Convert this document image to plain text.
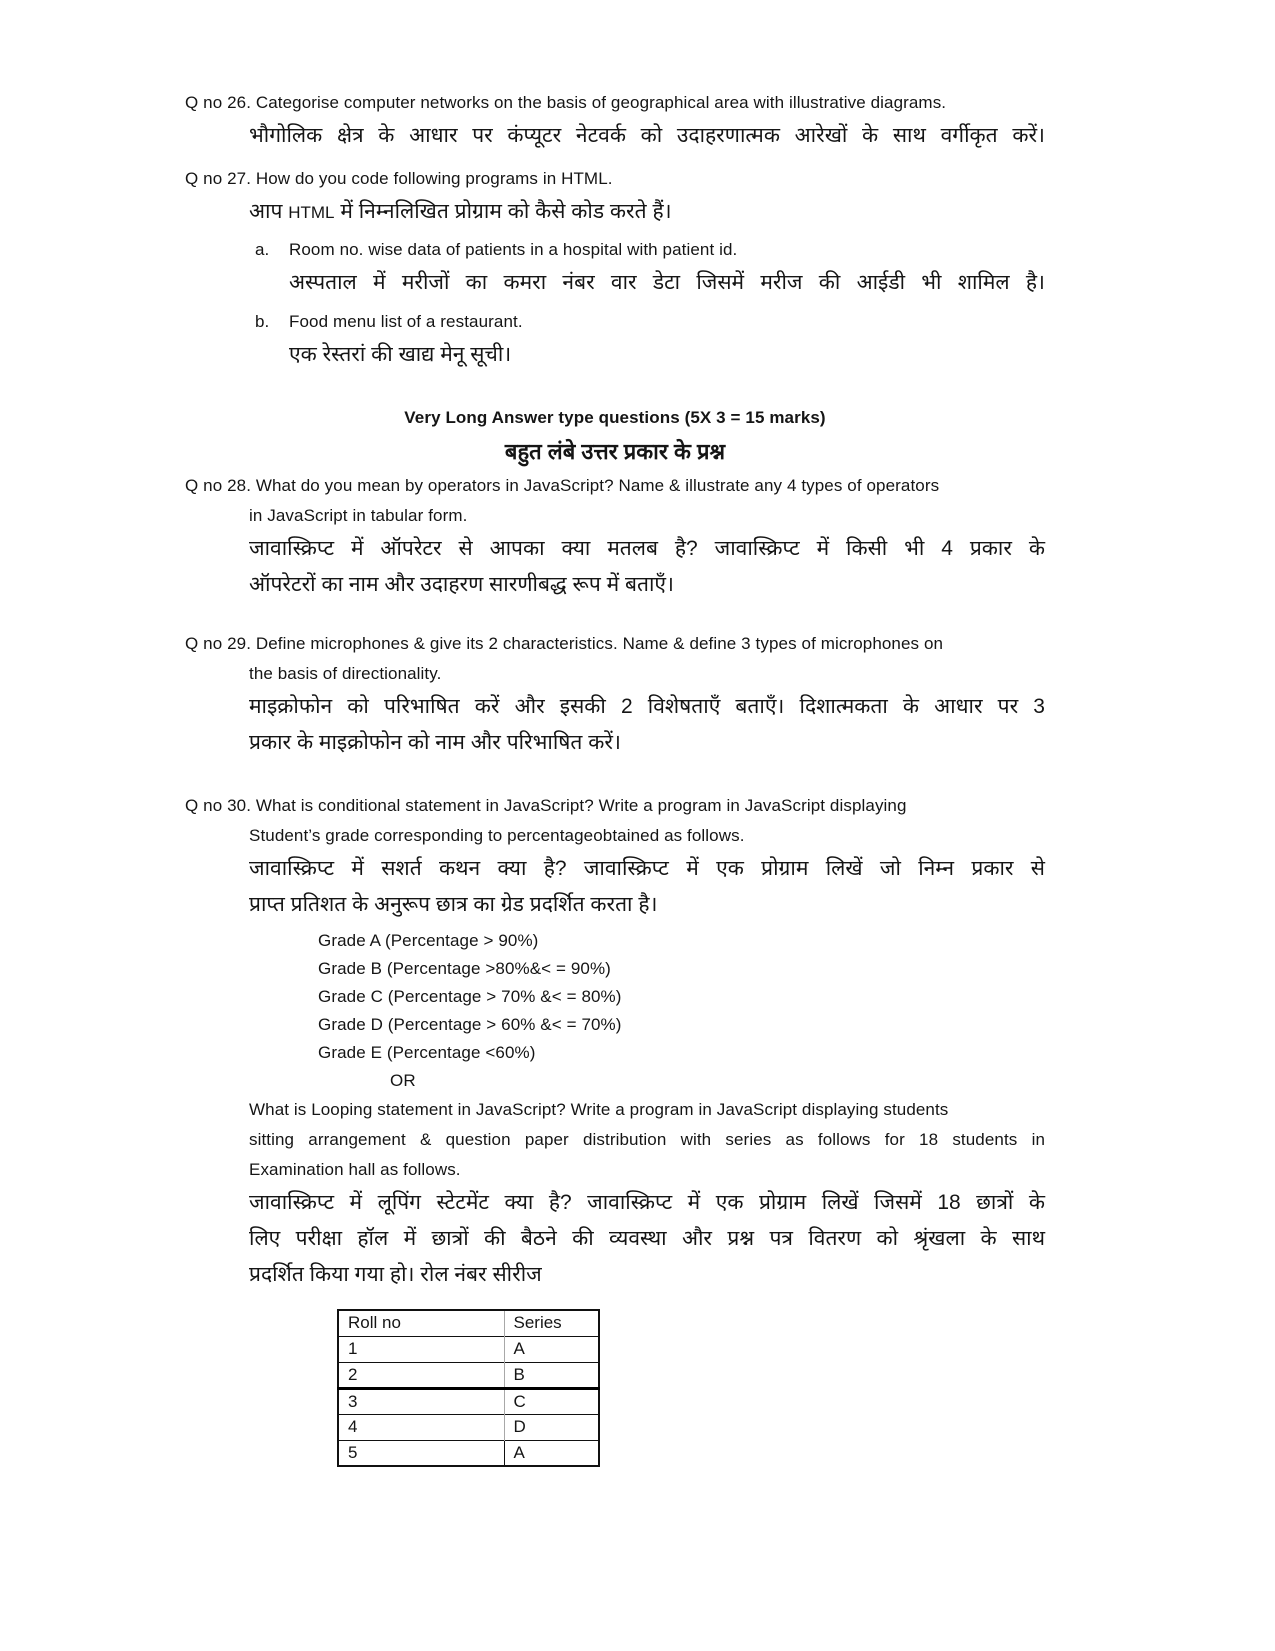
Q no 26. Categorise computer networks on the basis of geographical area with illustrative diagrams.
भौगोलिक क्षेत्र के आधार पर कंप्यूटर नेटवर्क को उदाहरणात्मक आरेखों के साथ वर्गीकृत करें।
Q no 27. How do you code following programs in HTML.
आप HTML में निम्नलिखित प्रोग्राम को कैसे कोड करते हैं।
a. Room no. wise data of patients in a hospital with patient id.
अस्पताल में मरीजों का कमरा नंबर वार डेटा जिसमें मरीज की आईडी भी शामिल है।
b. Food menu list of a restaurant.
एक रेस्तरां की खाद्य मेनू सूची।
Very Long Answer type questions (5X 3 = 15 marks)
बहुत लंबे उत्तर प्रकार के प्रश्न
Q no 28. What do you mean by operators in JavaScript? Name & illustrate any 4 types of operators
in JavaScript in tabular form.
जावास्क्रिप्ट में ऑपरेटर से आपका क्या मतलब है? जावास्क्रिप्ट में किसी भी 4 प्रकार के
ऑपरेटरों का नाम और उदाहरण सारणीबद्ध रूप में बताएँ।
Q no 29. Define microphones & give its 2 characteristics. Name & define 3 types of microphones on
the basis of directionality.
माइक्रोफोन को परिभाषित करें और इसकी 2 विशेषताएँ बताएँ। दिशात्मकता के आधार पर 3
प्रकार के माइक्रोफोन को नाम और परिभाषित करें।
Q no 30. What is conditional statement in JavaScript? Write a program in JavaScript displaying
Student’s grade corresponding to percentageobtained as follows.
जावास्क्रिप्ट में सशर्त कथन क्या है? जावास्क्रिप्ट में एक प्रोग्राम लिखें जो निम्न प्रकार से
प्राप्त प्रतिशत के अनुरूप छात्र का ग्रेड प्रदर्शित करता है।
Grade A (Percentage > 90%)
Grade B (Percentage >80%&< = 90%)
Grade C (Percentage > 70% &< = 80%)
Grade D (Percentage > 60% &< = 70%)
Grade E (Percentage <60%)
OR
What is Looping statement in JavaScript? Write a program in JavaScript displaying students
sitting arrangement & question paper distribution with series as follows for 18 students in
Examination hall as follows.
जावास्क्रिप्ट में लूपिंग स्टेटमेंट क्या है? जावास्क्रिप्ट में एक प्रोग्राम लिखें जिसमें 18 छात्रों के
लिए परीक्षा हॉल में छात्रों की बैठने की व्यवस्था और प्रश्न पत्र वितरण को श्रृंखला के साथ
प्रदर्शित किया गया हो। रोल नंबर सीरीज
Roll no	Series
1	A
2	B
3	C
4	D
5	A
